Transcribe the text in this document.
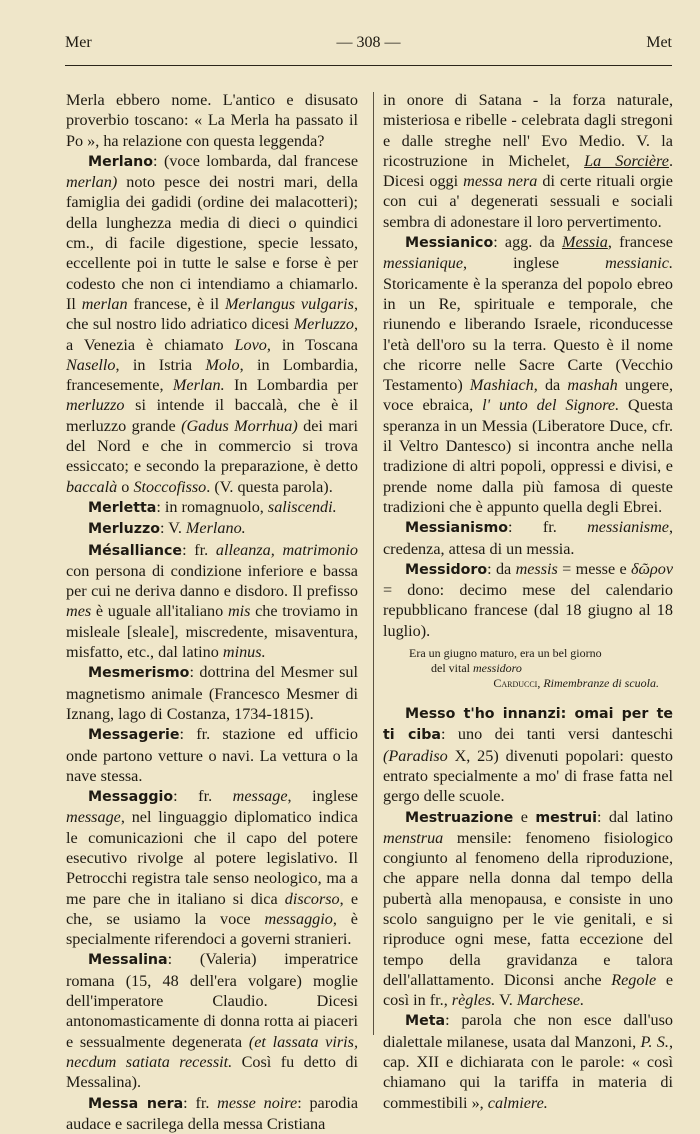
Mer	— 308 —	Met

Merla ebbero nome. L'antico e disusato proverbio toscano: « La Merla ha passato il Po », ha relazione con questa leggenda?

Merlano: (voce lombarda, dal francese merlan) noto pesce dei nostri mari, della famiglia dei gadidi (ordine dei malacotteri); della lunghezza media di dieci o quindici cm., di facile digestione, specie lessato, eccellente poi in tutte le salse e forse è per codesto che non ci intendiamo a chiamarlo. Il merlan francese, è il Merlangus vulgaris, che sul nostro lido adriatico dicesi Merluzzo, a Venezia è chiamato Lovo, in Toscana Nasello, in Istria Molo, in Lombardia, francesemente, Merlan. In Lombardia per merluzzo si intende il baccalà, che è il merluzzo grande (Gadus Morrhua) dei mari del Nord e che in commercio si trova essiccato; e secondo la preparazione, è detto baccalà o Stoccofisso. (V. questa parola).

Merletta: in romagnuolo, saliscendi.

Merluzzo: V. Merlano.

Mésalliance: fr. alleanza, matrimonio con persona di condizione inferiore e bassa per cui ne deriva danno e disdoro. Il prefisso mes è uguale all'italiano mis che troviamo in misleale [sleale], miscredente, misaventura, misfatto, etc., dal latino minus.

Mesmerismo: dottrina del Mesmer sul magnetismo animale (Francesco Mesmer di Iznang, lago di Costanza, 1734-1815).

Messagerie: fr. stazione ed ufficio onde partono vetture o navi. La vettura o la nave stessa.

Messaggio: fr. message, inglese message, nel linguaggio diplomatico indica le comunicazioni che il capo del potere esecutivo rivolge al potere legislativo. Il Petrocchi registra tale senso neologico, ma a me pare che in italiano si dica discorso, e che, se usiamo la voce messaggio, è specialmente riferendoci a governi stranieri.

Messalina: (Valeria) imperatrice romana (15, 48 dell'era volgare) moglie dell'imperatore Claudio. Dicesi antonomasticamente di donna rotta ai piaceri e sessualmente degenerata (et lassata viris, necdum satiata recessit. Così fu detto di Messalina).

Messa nera: fr. messe noire: parodia audace e sacrilega della messa Cristiana

in onore di Satana - la forza naturale, misteriosa e ribelle - celebrata dagli stregoni e dalle streghe nell' Evo Medio. V. la ricostruzione in Michelet, La Sorcière. Dicesi oggi messa nera di certe rituali orgie con cui a' degenerati sessuali e sociali sembra di adonestare il loro pervertimento.

Messianico: agg. da Messia, francese messianique, inglese messianic. Storicamente è la speranza del popolo ebreo in un Re, spirituale e temporale, che riunendo e liberando Israele, riconducesse l'età dell'oro su la terra. Questo è il nome che ricorre nelle Sacre Carte (Vecchio Testamento) Mashiach, da mashah ungere, voce ebraica, l' unto del Signore. Questa speranza in un Messia (Liberatore Duce, cfr. il Veltro Dantesco) si incontra anche nella tradizione di altri popoli, oppressi e divisi, e prende nome dalla più famosa di queste tradizioni che è appunto quella degli Ebrei.

Messianismo: fr. messianisme, credenza, attesa di un messia.

Messidoro: da messis = messe e δῶρον = dono: decimo mese del calendario repubblicano francese (dal 18 giugno al 18 luglio).

Era un giugno maturo, era un bel giorno
del vital messidoro
Carducci, Rimembranze di scuola.

Messo t'ho innanzi: omai per te ti ciba: uno dei tanti versi danteschi (Paradiso X, 25) divenuti popolari: questo entrato specialmente a mo' di frase fatta nel gergo delle scuole.

Mestruazione e mestrui: dal latino menstrua mensile: fenomeno fisiologico congiunto al fenomeno della riproduzione, che appare nella donna dal tempo della pubertà alla menopausa, e consiste in uno scolo sanguigno per le vie genitali, e si riproduce ogni mese, fatta eccezione del tempo della gravidanza e talora dell'allattamento. Diconsi anche Regole e così in fr., règles. V. Marchese.

Meta: parola che non esce dall'uso dialettale milanese, usata dal Manzoni, P. S., cap. XII e dichiarata con le parole: « così chiamano qui la tariffa in materia di commestibili », calmiere.
